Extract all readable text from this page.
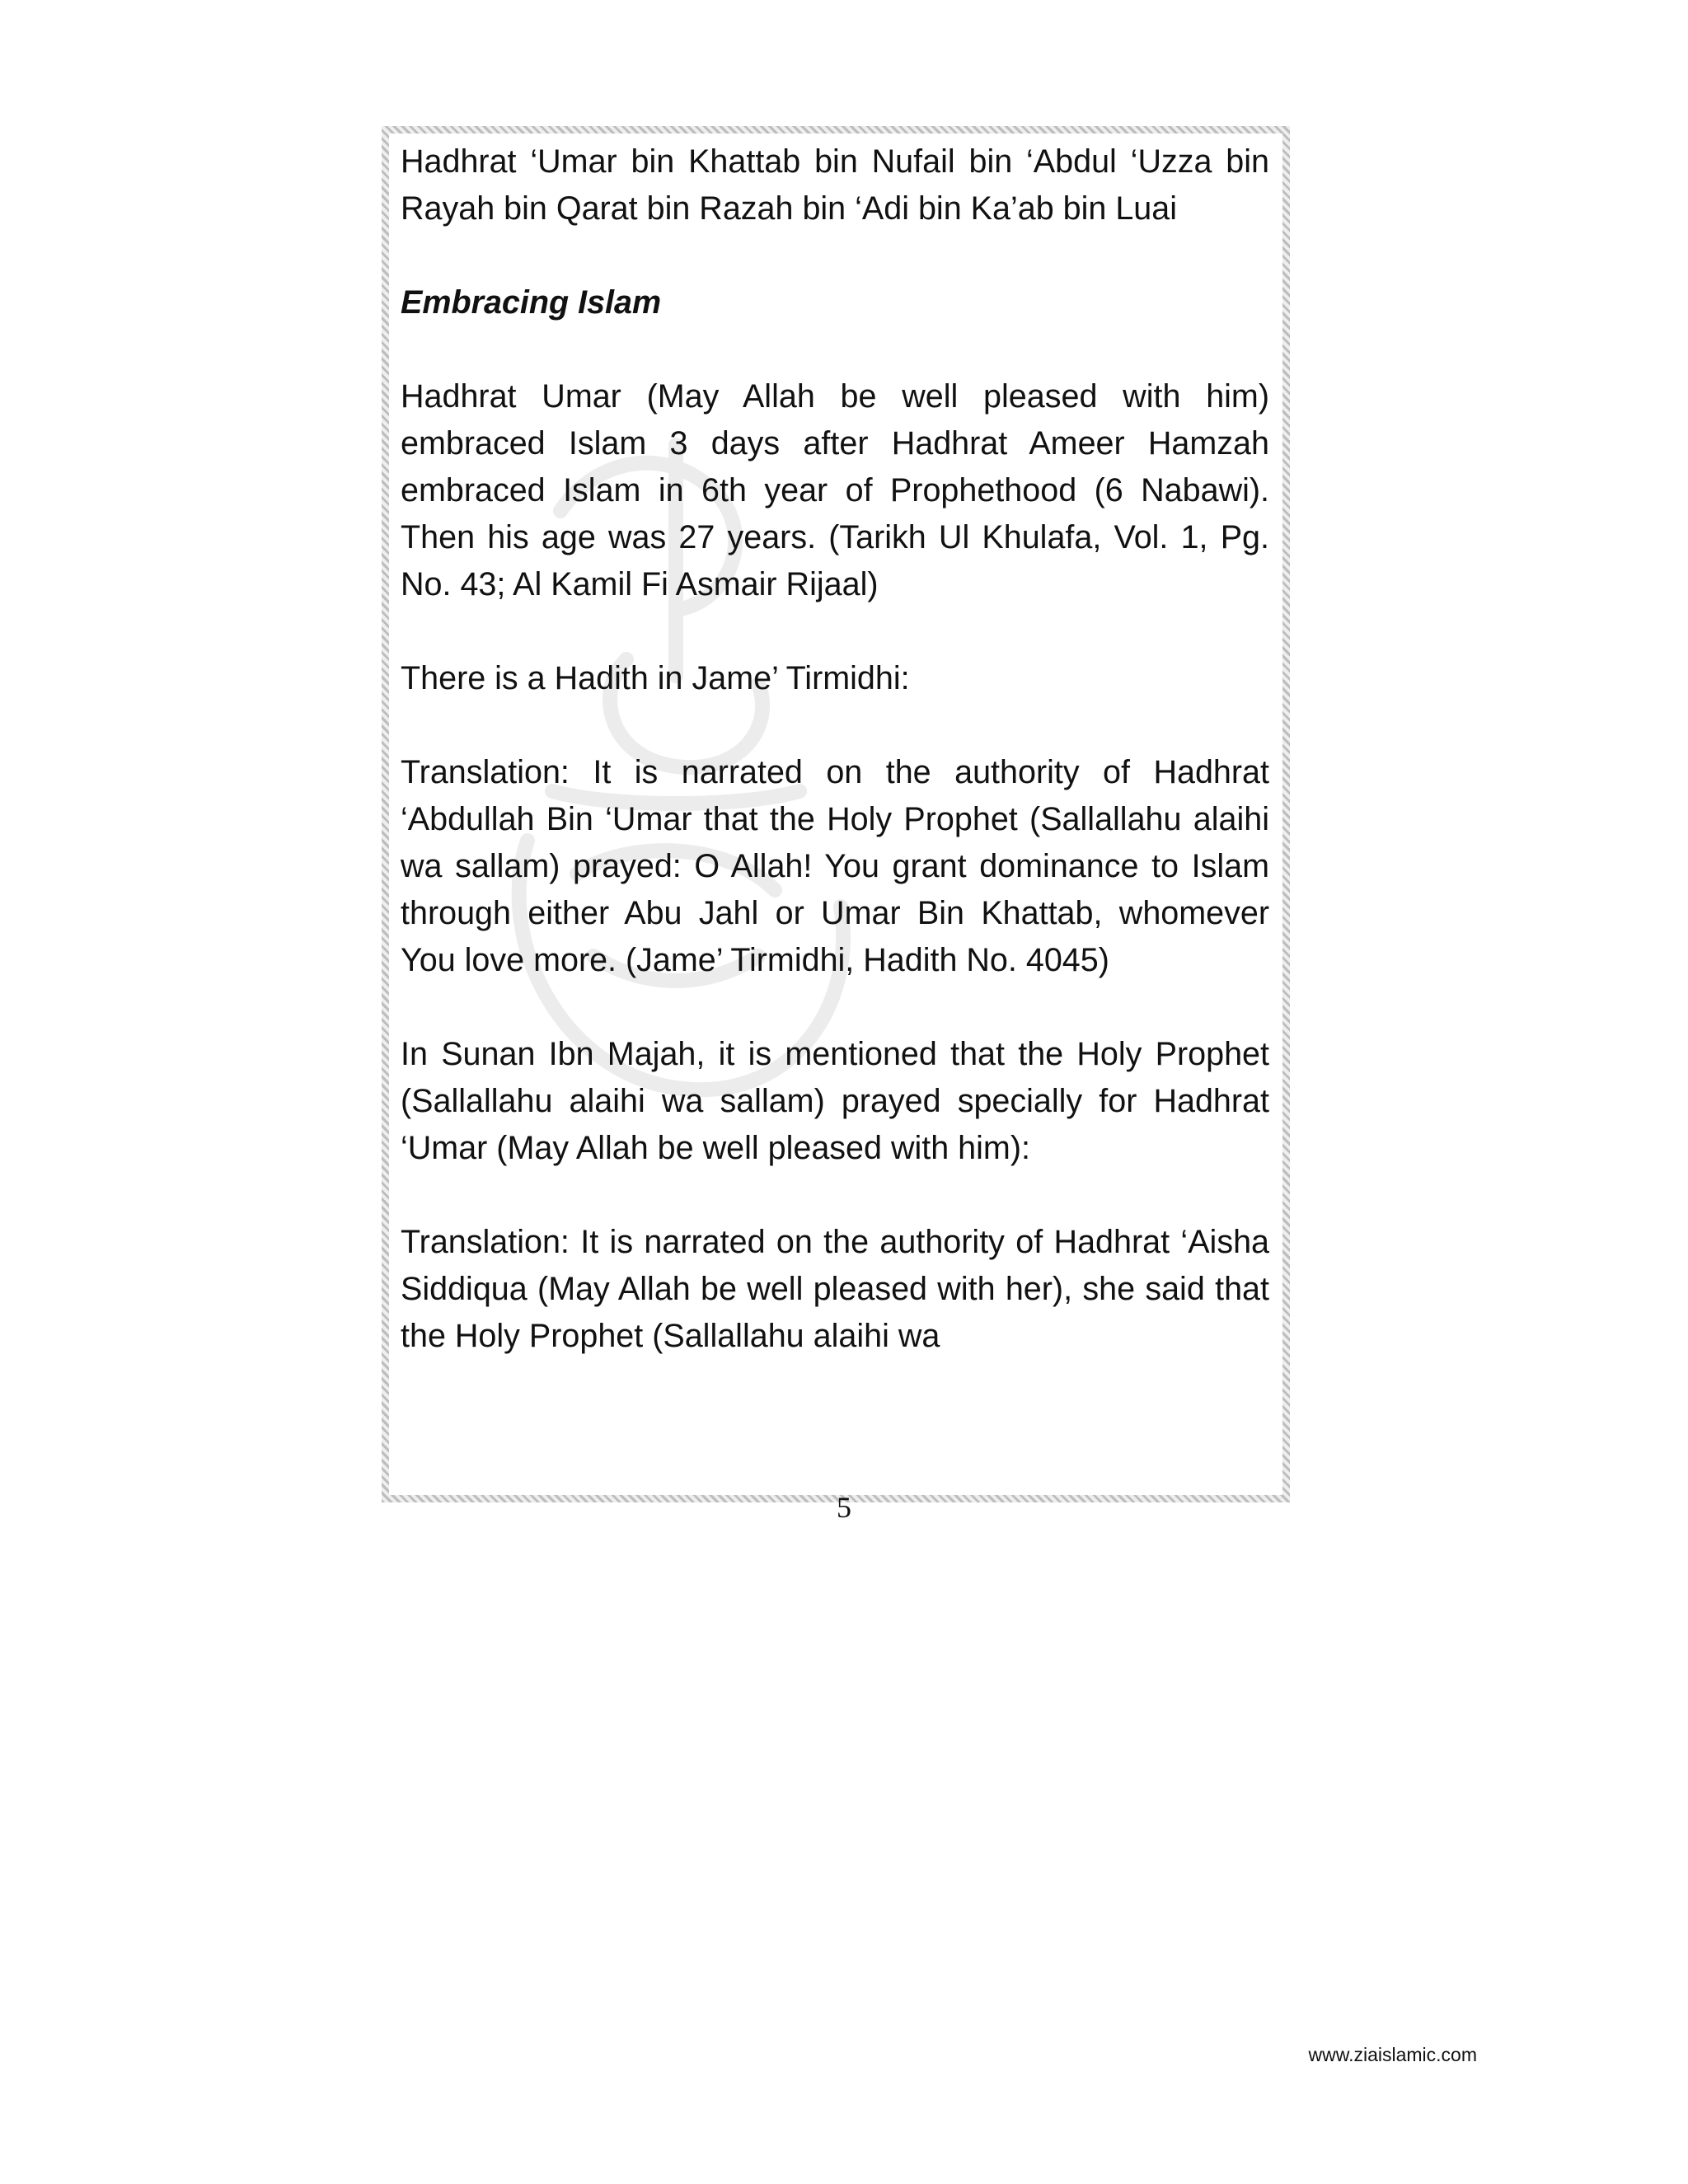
Hadhrat ‘Umar bin Khattab bin Nufail bin ‘Abdul ‘Uzza bin Rayah bin Qarat bin Razah bin ‘Adi bin Ka’ab bin Luai

Embracing Islam

Hadhrat Umar (May Allah be well pleased with him) embraced Islam 3 days after Hadhrat Ameer Hamzah embraced Islam in 6th year of Prophethood (6 Nabawi). Then his age was 27 years. (Tarikh Ul Khulafa, Vol. 1, Pg. No. 43; Al Kamil Fi Asmair Rijaal)

There is a Hadith in Jame’ Tirmidhi:

Translation: It is narrated on the authority of Hadhrat ‘Abdullah Bin ‘Umar that the Holy Prophet (Sallallahu alaihi wa sallam) prayed: O Allah! You grant dominance to Islam through either Abu Jahl or Umar Bin Khattab, whomever You love more. (Jame’ Tirmidhi, Hadith No. 4045)

In Sunan Ibn Majah, it is mentioned that the Holy Prophet (Sallallahu alaihi wa sallam) prayed specially for Hadhrat ‘Umar (May Allah be well pleased with him):

Translation: It is narrated on the authority of Hadhrat ‘Aisha Siddiqua (May Allah be well pleased with her), she said that the Holy Prophet (Sallallahu alaihi wa

5
www.ziaislamic.com
